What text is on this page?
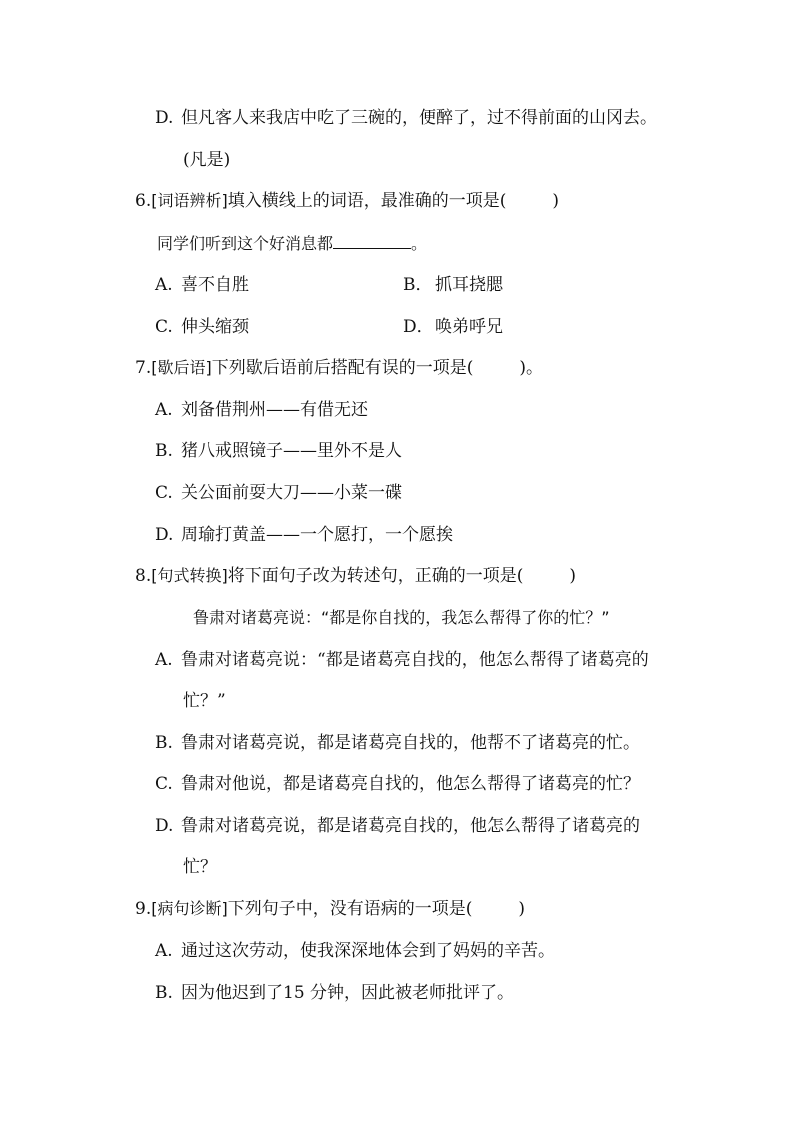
D. 但凡客人来我店中吃了三碗的，便醉了，过不得前面的山冈去。
(凡是)
6.[词语辨析]填入横线上的词语，最准确的一项是(	)
同学们听到这个好消息都	。
A. 喜不自胜	B． 抓耳挠腮
C. 伸头缩颈	D．唤弟呼兄
7.[歇后语]下列歇后语前后搭配有误的一项是(	)。
A. 刘备借荆州——有借无还
B. 猪八戒照镜子——里外不是人
C. 关公面前耍大刀——小菜一碟
D. 周瑜打黄盖——一个愿打，一个愿挨
8.[句式转换]将下面句子改为转述句，正确的一项是(	)
鲁肃对诸葛亮说：“都是你自找的，我怎么帮得了你的忙？”
A. 鲁肃对诸葛亮说：“都是诸葛亮自找的，他怎么帮得了诸葛亮的
忙？”
B. 鲁肃对诸葛亮说，都是诸葛亮自找的，他帮不了诸葛亮的忙。
C. 鲁肃对他说，都是诸葛亮自找的，他怎么帮得了诸葛亮的忙？
D. 鲁肃对诸葛亮说，都是诸葛亮自找的，他怎么帮得了诸葛亮的
忙？
9.[病句诊断]下列句子中，没有语病的一项是(	)
A. 通过这次劳动，使我深深地体会到了妈妈的辛苦。
B. 因为他迟到了15 分钟，因此被老师批评了。
